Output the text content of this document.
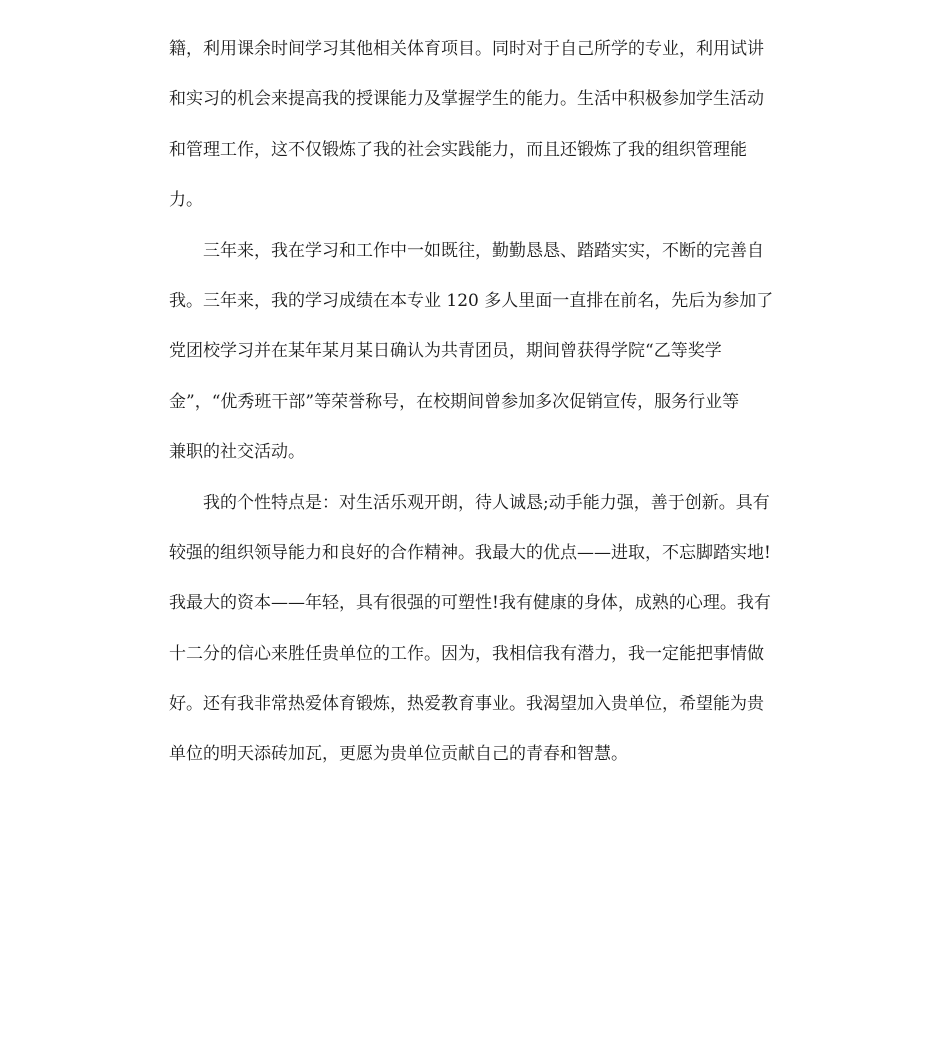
籍，利用课余时间学习其他相关体育项目。同时对于自己所学的专业，利用试讲
和实习的机会来提高我的授课能力及掌握学生的能力。生活中积极参加学生活动
和管理工作，这不仅锻炼了我的社会实践能力，而且还锻炼了我的组织管理能
力。
三年来，我在学习和工作中一如既往，勤勤恳恳、踏踏实实，不断的完善自
我。三年来，我的学习成绩在本专业 120 多人里面一直排在前名，先后为参加了
党团校学习并在某年某月某日确认为共青团员，期间曾获得学院“乙等奖学
金”，“优秀班干部”等荣誉称号，在校期间曾参加多次促销宣传，服务行业等
兼职的社交活动。
我的个性特点是：对生活乐观开朗，待人诚恳;动手能力强，善于创新。具有
较强的组织领导能力和良好的合作精神。我最大的优点——进取，不忘脚踏实地!
我最大的资本——年轻，具有很强的可塑性!我有健康的身体，成熟的心理。我有
十二分的信心来胜任贵单位的工作。因为，我相信我有潜力，我一定能把事情做
好。还有我非常热爱体育锻炼，热爱教育事业。我渴望加入贵单位，希望能为贵
单位的明天添砖加瓦，更愿为贵单位贡献自己的青春和智慧。
